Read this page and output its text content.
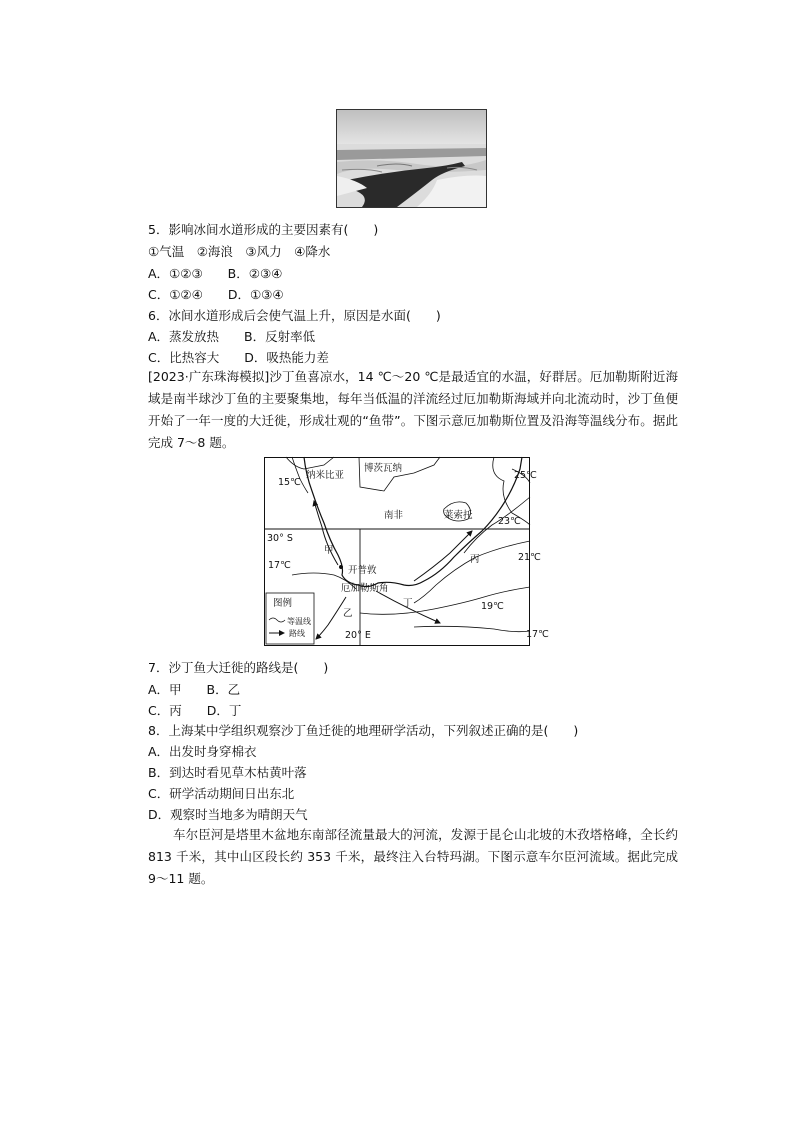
5．影响冰间水道形成的主要因素有(　　)
①气温　②海浪　③风力　④降水
A．①②③　　B．②③④
C．①②④　　D．①③④
6．冰间水道形成后会使气温上升，原因是水面(　　)
A．蒸发放热　　B．反射率低
C．比热容大　　D．吸热能力差
[2023·广东珠海模拟]沙丁鱼喜凉水，14 ℃～20 ℃是最适宜的水温，好群居。厄加勒斯附近海域是南半球沙丁鱼的主要聚集地，每年当低温的洋流经过厄加勒斯海域并向北流动时，沙丁鱼便开始了一年一度的大迁徙，形成壮观的“鱼带”。下图示意厄加勒斯位置及沿海等温线分布。据此完成 7～8 题。
纳米比亚
博茨瓦纳
南非	莱索托
15℃
25℃
23℃
21℃
17℃
19℃
17℃
30° S
20° E
甲
乙
丙
丁
开普敦
厄加勒斯角
图例
等温线
路线
7．沙丁鱼大迁徙的路线是(　　)
A．甲　　B．乙
C．丙　　D．丁
8．上海某中学组织观察沙丁鱼迁徙的地理研学活动，下列叙述正确的是(　　)
A．出发时身穿棉衣
B．到达时看见草木枯黄叶落
C．研学活动期间日出东北
D．观察时当地多为晴朗天气
车尔臣河是塔里木盆地东南部径流量最大的河流，发源于昆仑山北坡的木孜塔格峰，全长约 813 千米，其中山区段长约 353 千米，最终注入台特玛湖。下图示意车尔臣河流域。据此完成 9～11 题。
